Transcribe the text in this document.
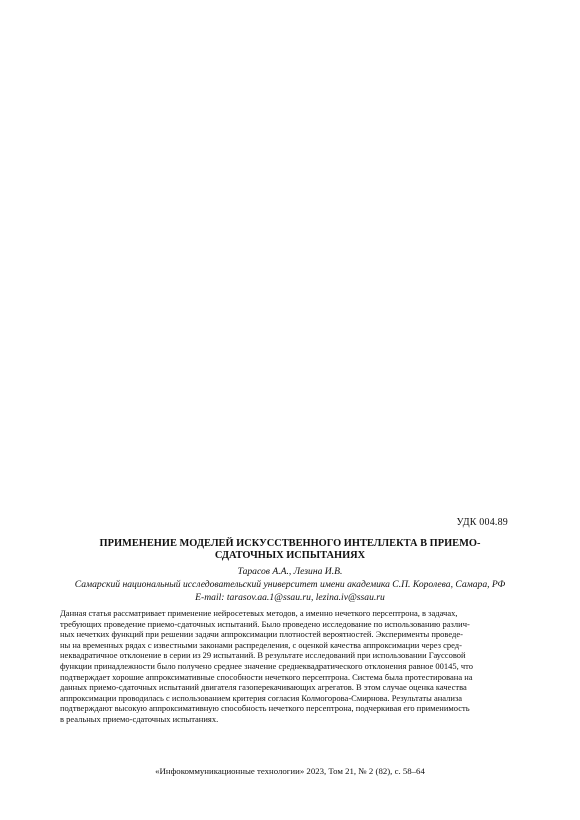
УДК 004.89
ПРИМЕНЕНИЕ МОДЕЛЕЙ ИСКУССТВЕННОГО ИНТЕЛЛЕКТА В ПРИЕМО-
СДАТОЧНЫХ ИСПЫТАНИЯХ
Тарасов А.А., Лезина И.В.
Самарский национальный исследовательский университет имени академика С.П. Королева, Самара, РФ
E-mail: tarasov.aa.1@ssau.ru, lezina.iv@ssau.ru
Данная статья рассматривает применение нейросетевых методов, а именно нечеткого персептрона, в задачах,
требующих проведение приемо-сдаточных испытаний. Было проведено исследование по использованию различ-
ных нечетких функций при решении задачи аппроксимации плотностей вероятностей. Эксперименты проведе-
ны на временных рядах с известными законами распределения, с оценкой качества аппроксимации через сред-
неквадратичное отклонение в серии из 29 испытаний. В результате исследований при использовании Гауссовой
функции принадлежности было получено среднее значение среднеквадратического отклонения равное 00145, что
подтверждает хорошие аппроксимативные способности нечеткого персептрона. Система была протестирована на
данных приемо-сдаточных испытаний двигателя газоперекачивающих агрегатов. В этом случае оценка качества
аппроксимации проводилась с использованием критерия согласия Колмогорова-Смирнова. Результаты анализа
подтверждают высокую аппроксимативную способность нечеткого персептрона, подчеркивая его применимость
в реальных приемо-сдаточных испытаниях.
«Инфокоммуникационные технологии» 2023, Том 21, № 2 (82), с. 58–64
